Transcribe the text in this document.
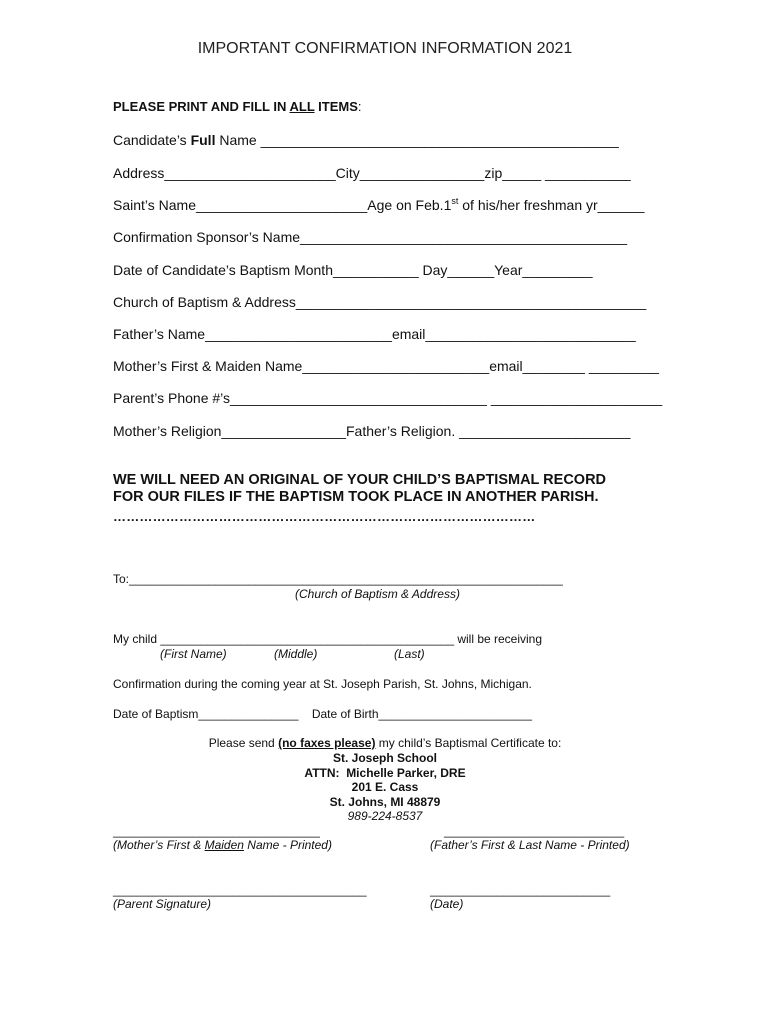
IMPORTANT CONFIRMATION INFORMATION 2021
PLEASE PRINT AND FILL IN ALL ITEMS:
Candidate’s Full Name ______________________________________________
Address______________________City________________zip_____ ___________
Saint’s Name______________________Age on Feb.1st of his/her freshman yr______
Confirmation Sponsor’s Name__________________________________________
Date of Candidate’s Baptism Month___________ Day______Year_________
Church of Baptism & Address_____________________________________________
Father’s Name________________________email___________________________
Mother’s First & Maiden Name________________________email________ _________
Parent’s Phone #’s_________________________________ ______________________
Mother’s Religion________________Father’s Religion. ______________________
WE WILL NEED AN ORIGINAL OF YOUR CHILD’S BAPTISMAL RECORD
FOR OUR FILES IF THE BAPTISM TOOK PLACE IN ANOTHER PARISH.
……………………………………………………………………………………
To:_________________________________________________________________
(Church of Baptism & Address)
My child ____________________________________________ will be receiving
(First Name)	(Middle)	(Last)
Confirmation during the coming year at St. Joseph Parish, St. Johns, Michigan.
Date of Baptism_______________    Date of Birth_______________________
Please send (no faxes please) my child’s Baptismal Certificate to:
St. Joseph School
ATTN:  Michelle Parker, DRE
201 E. Cass
St. Johns, MI 48879
989-224-8537
_______________________________	___________________________
(Mother’s First & Maiden Name - Printed)	(Father’s First & Last Name - Printed)
______________________________________	___________________________
(Parent Signature)	(Date)
